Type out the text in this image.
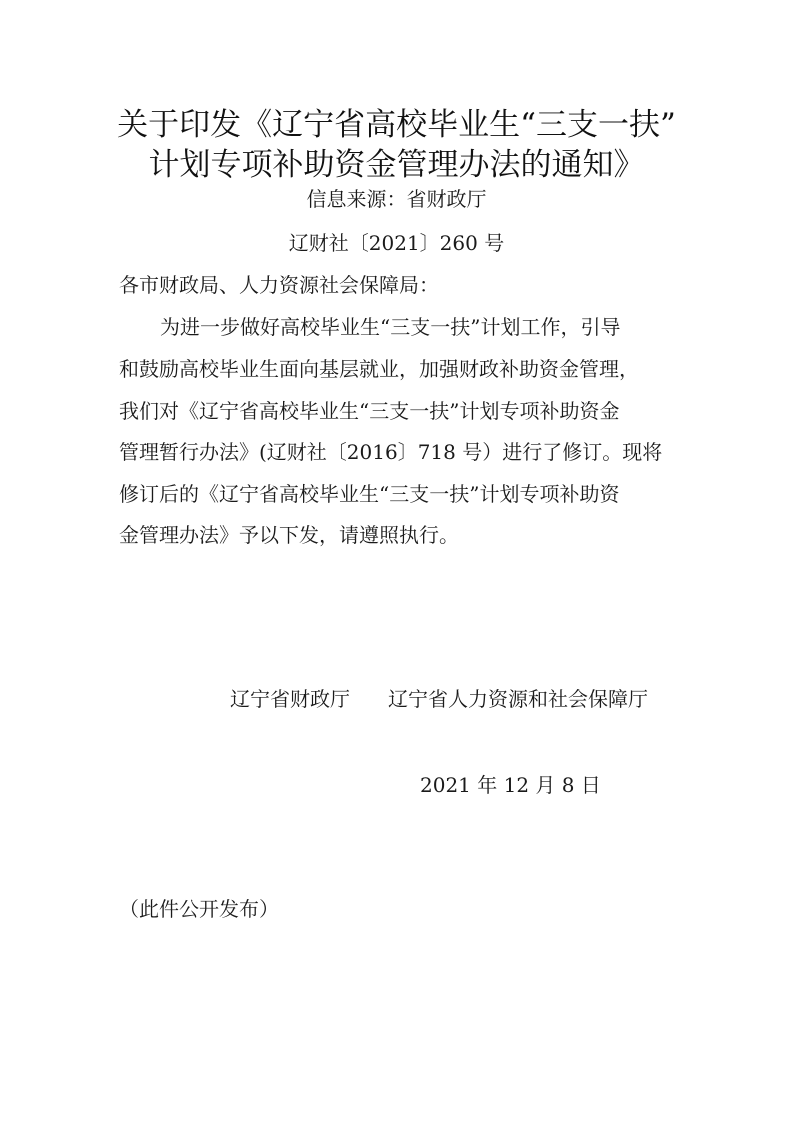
关于印发《辽宁省高校毕业生“三支一扶”
计划专项补助资金管理办法的通知》
信息来源：省财政厅
辽财社〔2021〕260 号
各市财政局、人力资源社会保障局：
为进一步做好高校毕业生“三支一扶”计划工作，引导
和鼓励高校毕业生面向基层就业，加强财政补助资金管理，
我们对《辽宁省高校毕业生“三支一扶”计划专项补助资金
管理暂行办法》(辽财社〔2016〕718 号）进行了修订。现将
修订后的《辽宁省高校毕业生“三支一扶”计划专项补助资
金管理办法》予以下发，请遵照执行。
辽宁省财政厅 辽宁省人力资源和社会保障厅
2021 年 12 月 8 日
（此件公开发布）
